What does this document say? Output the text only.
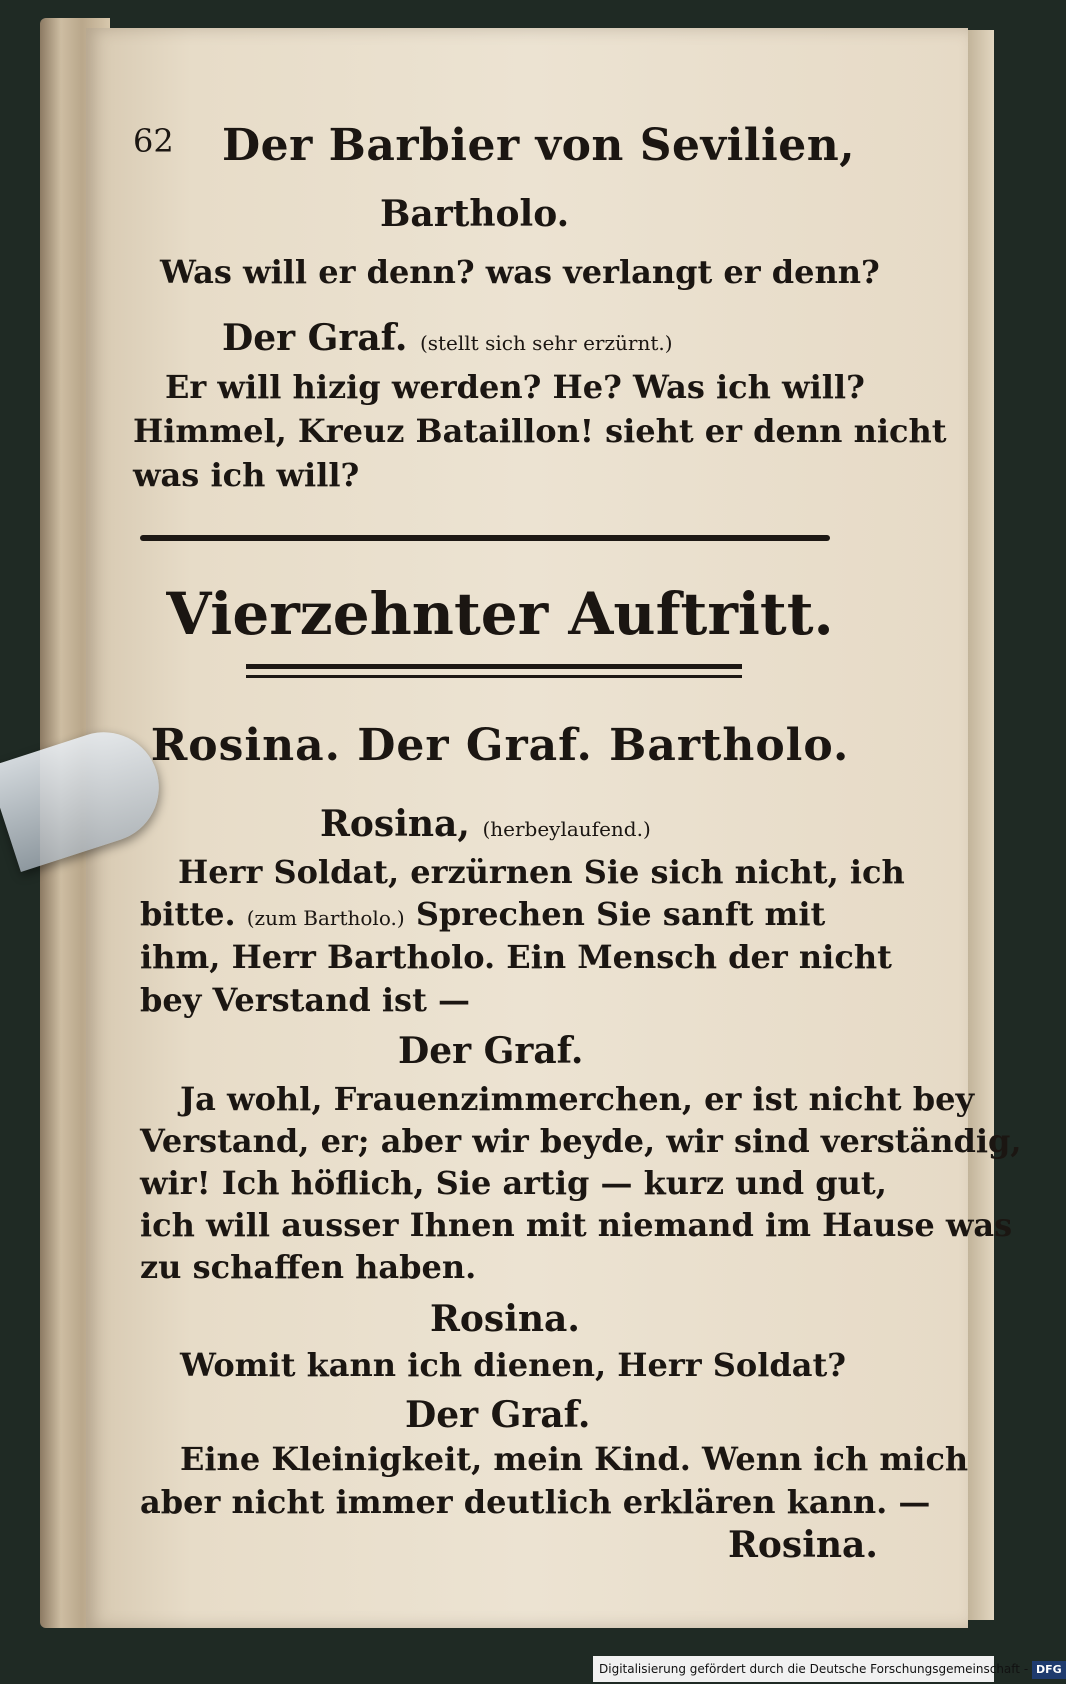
62 Der Barbier von Sevilien,
Bartholo.
Was will er denn? was verlangt er denn?
Der Graf. (stellt sich sehr erzürnt.)
Er will hizig werden? He? Was ich will?
Himmel, Kreuz Bataillon! sieht er denn nicht
was ich will?
Vierzehnter Auftritt.
Rosina. Der Graf. Bartholo.
Rosina, (herbeylaufend.)
Herr Soldat, erzürnen Sie sich nicht, ich
bitte. (zum Bartholo.) Sprechen Sie sanft mit
ihm, Herr Bartholo. Ein Mensch der nicht
bey Verstand ist —
Der Graf.
Ja wohl, Frauenzimmerchen, er ist nicht bey
Verstand, er; aber wir beyde, wir sind verständig,
wir! Ich höflich, Sie artig — kurz und gut,
ich will ausser Ihnen mit niemand im Hause was
zu schaffen haben.
Rosina.
Womit kann ich dienen, Herr Soldat?
Der Graf.
Eine Kleinigkeit, mein Kind. Wenn ich mich
aber nicht immer deutlich erklären kann. —
Rosina.
Digitalisierung gefördert durch die Deutsche Forschungsgemeinschaft - DFG
